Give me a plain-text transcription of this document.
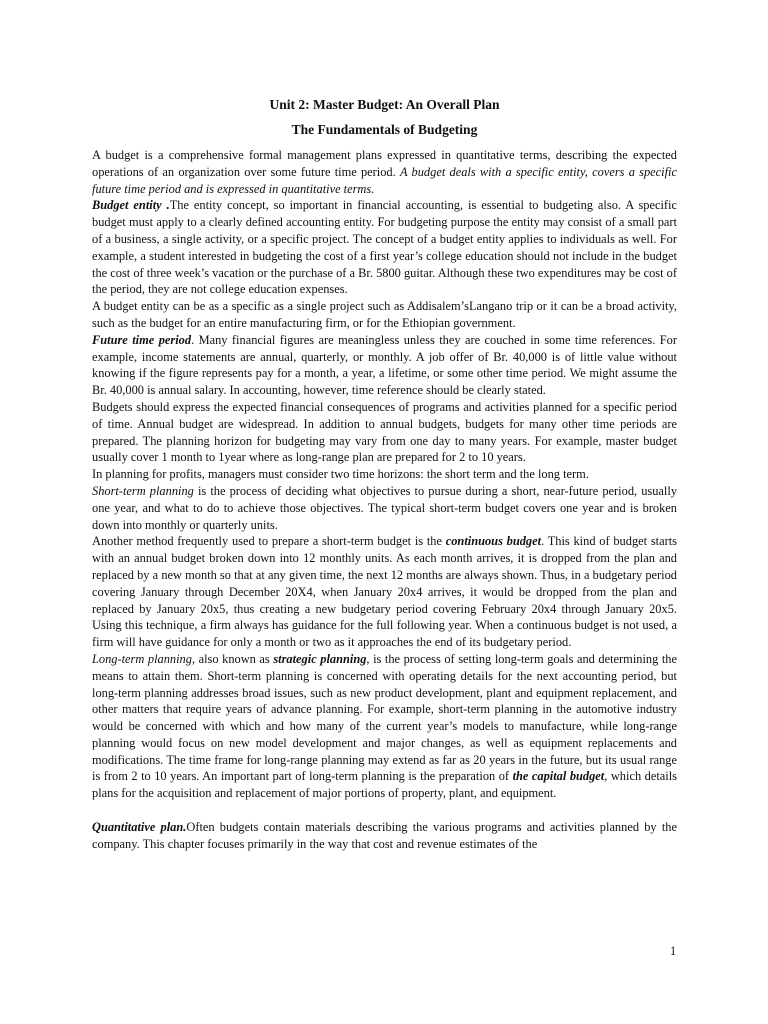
Unit 2: Master Budget: An Overall Plan
The Fundamentals of Budgeting

A budget is a comprehensive formal management plans expressed in quantitative terms, describing the expected operations of an organization over some future time period. A budget deals with a specific entity, covers a specific future time period and is expressed in quantitative terms.

Budget entity .The entity concept, so important in financial accounting, is essential to budgeting also. A specific budget must apply to a clearly defined accounting entity. For budgeting purpose the entity may consist of a small part of a business, a single activity, or a specific project. The concept of a budget entity applies to individuals as well. For example, a student interested in budgeting the cost of a first year’s college education should not include in the budget the cost of three week’s vacation or the purchase of a Br. 5800 guitar. Although these two expenditures may be cost of the period, they are not college education expenses.

A budget entity can be as a specific as a single project such as Addisalem’sLangano trip or it can be a broad activity, such as the budget for an entire manufacturing firm, or for the Ethiopian government.

Future time period. Many financial figures are meaningless unless they are couched in some time references. For example, income statements are annual, quarterly, or monthly. A job offer of Br. 40,000 is of little value without knowing if the figure represents pay for a month, a year, a lifetime, or some other time period. We might assume the Br. 40,000 is annual salary. In accounting, however, time reference should be clearly stated.

Budgets should express the expected financial consequences of programs and activities planned for a specific period of time. Annual budget are widespread. In addition to annual budgets, budgets for many other time periods are prepared. The planning horizon for budgeting may vary from one day to many years. For example, master budget usually cover 1 month to 1year where as long-range plan are prepared for 2 to 10 years.

In planning for profits, managers must consider two time horizons: the short term and the long term.

Short-term planning is the process of deciding what objectives to pursue during a short, near-future period, usually one year, and what to do to achieve those objectives. The typical short-term budget covers one year and is broken down into monthly or quarterly units.

Another method frequently used to prepare a short-term budget is the continuous budget. This kind of budget starts with an annual budget broken down into 12 monthly units. As each month arrives, it is dropped from the plan and replaced by a new month so that at any given time, the next 12 months are always shown. Thus, in a budgetary period covering January through December 20X4, when January 20x4 arrives, it would be dropped from the plan and replaced by January 20x5, thus creating a new budgetary period covering February 20x4 through January 20x5. Using this technique, a firm always has guidance for the full following year. When a continuous budget is not used, a firm will have guidance for only a month or two as it approaches the end of its budgetary period.

Long-term planning, also known as strategic planning, is the process of setting long-term goals and determining the means to attain them. Short-term planning is concerned with operating details for the next accounting period, but long-term planning addresses broad issues, such as new product development, plant and equipment replacement, and other matters that require years of advance planning. For example, short-term planning in the automotive industry would be concerned with which and how many of the current year’s models to manufacture, while long-range planning would focus on new model development and major changes, as well as equipment replacements and modifications. The time frame for long-range planning may extend as far as 20 years in the future, but its usual range is from 2 to 10 years. An important part of long-term planning is the preparation of the capital budget, which details plans for the acquisition and replacement of major portions of property, plant, and equipment.

Quantitative plan.Often budgets contain materials describing the various programs and activities planned by the company. This chapter focuses primarily in the way that cost and revenue estimates of the

1
